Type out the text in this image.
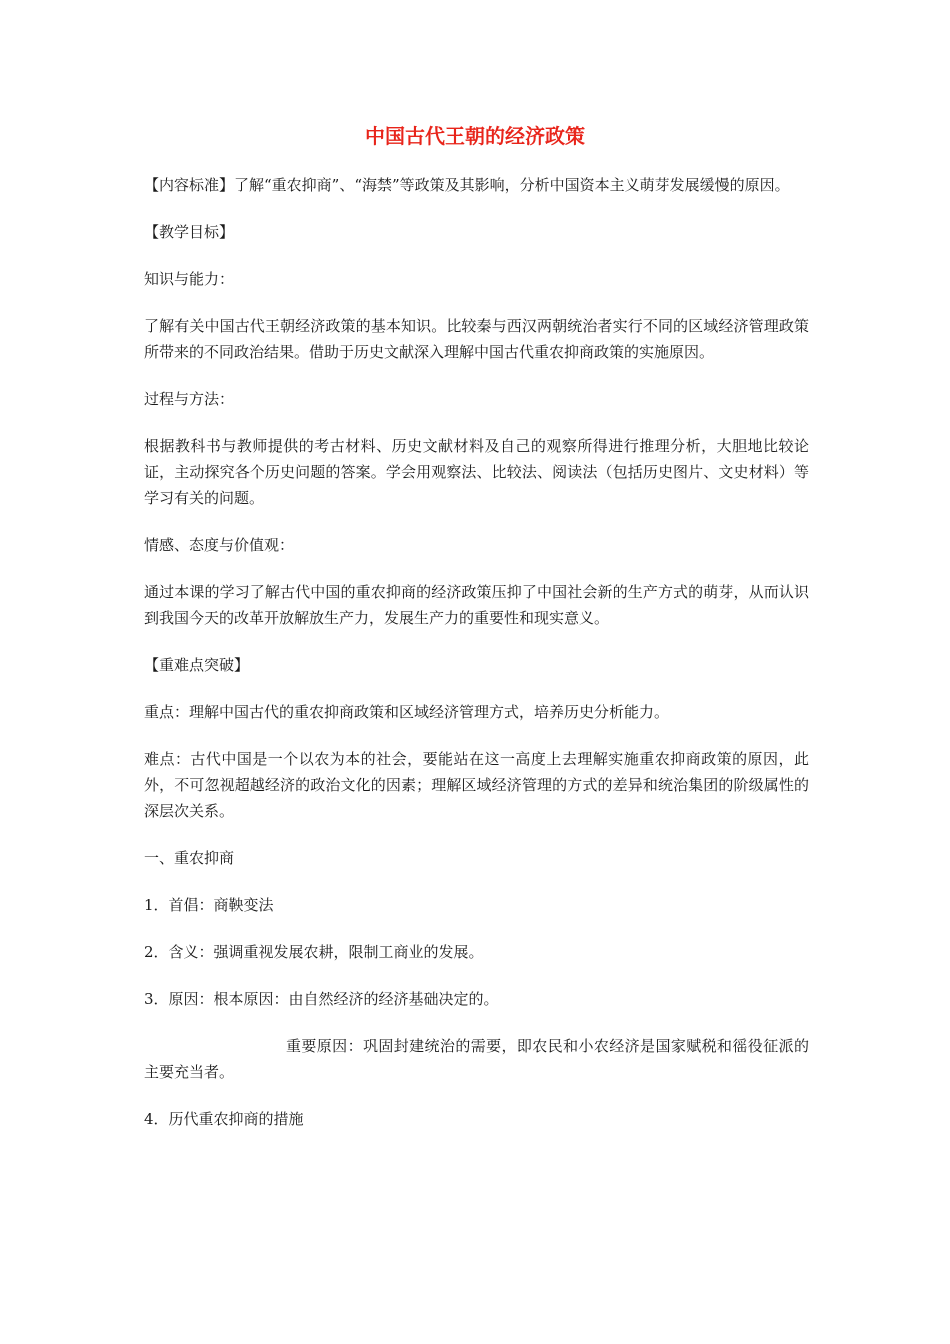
中国古代王朝的经济政策

【内容标准】了解“重农抑商”、“海禁”等政策及其影响，分析中国资本主义萌芽发展缓慢的原因。

【教学目标】

知识与能力：

了解有关中国古代王朝经济政策的基本知识。比较秦与西汉两朝统治者实行不同的区域经济管理政策所带来的不同政治结果。借助于历史文献深入理解中国古代重农抑商政策的实施原因。

过程与方法：

根据教科书与教师提供的考古材料、历史文献材料及自己的观察所得进行推理分析，大胆地比较论证，主动探究各个历史问题的答案。学会用观察法、比较法、阅读法（包括历史图片、文史材料）等学习有关的问题。

情感、态度与价值观：

通过本课的学习了解古代中国的重农抑商的经济政策压抑了中国社会新的生产方式的萌芽，从而认识到我国今天的改革开放解放生产力，发展生产力的重要性和现实意义。

【重难点突破】

重点：理解中国古代的重农抑商政策和区域经济管理方式，培养历史分析能力。

难点：古代中国是一个以农为本的社会，要能站在这一高度上去理解实施重农抑商政策的原因，此外，不可忽视超越经济的政治文化的因素；理解区域经济管理的方式的差异和统治集团的阶级属性的深层次关系。

一、重农抑商

1．首倡：商鞅变法

2．含义：强调重视发展农耕，限制工商业的发展。

3．原因：根本原因：由自然经济的经济基础决定的。

重要原因：巩固封建统治的需要，即农民和小农经济是国家赋税和徭役征派的主要充当者。

4．历代重农抑商的措施
